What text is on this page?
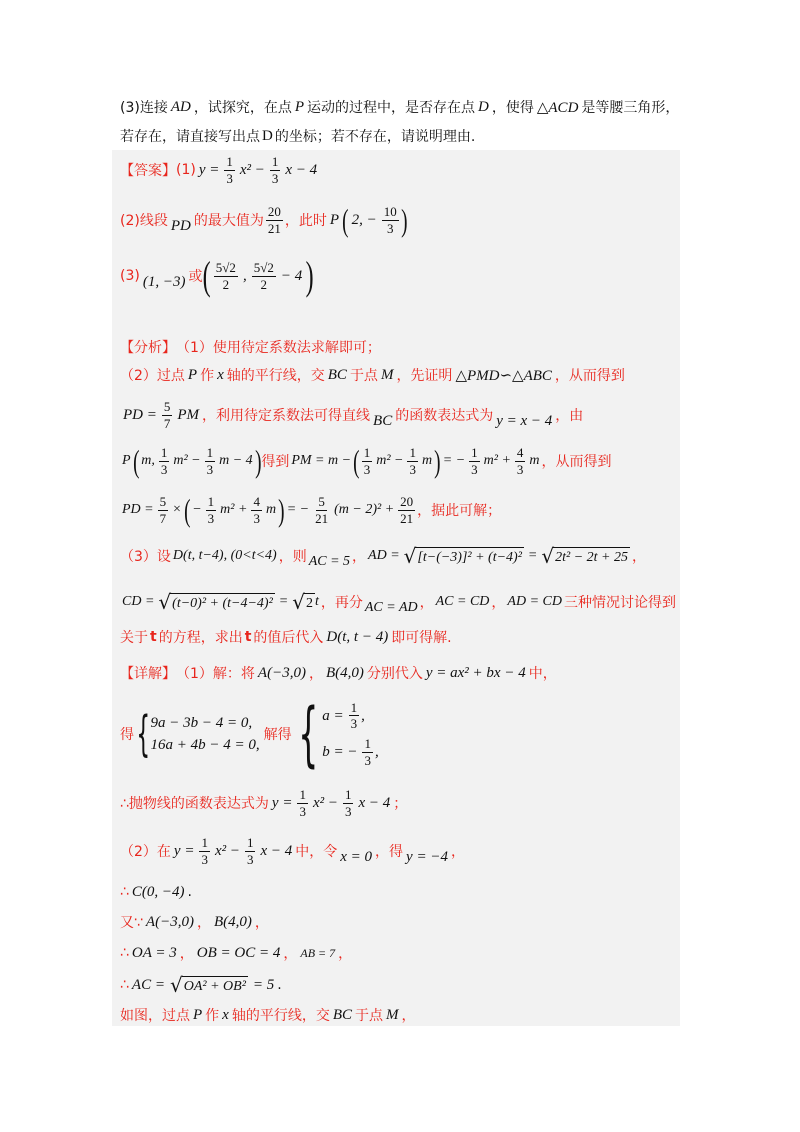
(3)连接 AD ，试探究，在点 P 运动的过程中，是否存在点 D ，使得 △ACD 是等腰三角形，
若存在，请直接写出点 D 的坐标；若不存在，请说明理由.
【答案】 (1) $y = \frac{1}{3} x^2 - \frac{1}{3}$ x − 4
(2)线段 PD 的最大值为 $\frac{20}{21}$ ，此时 P ( 2, − $\frac{10}{3}$ )
(3) (1, −3) 或 ( $\frac{5√2}{2}$ , $\frac{5√2}{2} - 4$ )
【分析】 （1）使用待定系数法求解即可；
（2）过点 P 作 x 轴的平行线，交 BC 于点 M ，先证明 △PMD∽△ABC ，从而得到
PD = $\frac{5}{7}$ PM ，利用待定系数法可得直线 BC 的函数表达式为 y = x − 4 ，由
P ( m, $\frac{1}{3} m^2 - \frac{1}{3}$ m − 4 ) 得到 PM = m − ( $\frac{1}{3} m^2 - \frac{1}{3}$ m ) = − $\frac{1}{3} m^2 + \frac{4}{3}$ m ，从而得到
PD = $\frac{5}{7}$ × ( − $\frac{1}{3} m^2 + \frac{4}{3}$ m ) = − $\frac{5}{21} (m - 2)^2 + \frac{20}{21}$ ，据此可解；
（3）设 D(t, t−4), (0<t<4) ，则 AC = 5 ， AD = √ [t−(−3)]² + (t−4)² = √ 2t² − 2t + 25 ，
CD = √ (t−0)² + (t−4−4)² = √ 2 t ，再分 AC = AD ， AC = CD ， AD = CD 三种情况讨论得到
关于 t 的方程，求出 t 的值后代入 D(t, t − 4) 即可得解.
【详解】 （1）解：将 A(−3,0) ， B(4,0) 分别代入 y = ax² + bx − 4 中，
得 { 9a − 3b − 4 = 0,
16a + 4b − 4 = 0,
解得 { $a = \frac{1}{3}$ ,
b = − $\frac{1}{3}$ ,
∴抛物线的函数表达式为 $y = \frac{1}{3} x^2 - \frac{1}{3}$ x − 4 ；
（2）在 $y = \frac{1}{3} x^2 - \frac{1}{3}$ x − 4 中，令 x = 0 ，得 y = −4 ，
∴ C(0, −4) .
又∵ A(−3,0) ， B(4,0) ，
∴ OA = 3 ， OB = OC = 4 ， AB = 7 ，
∴ AC = √ OA² + OB² = 5 .
如图，过点 P 作 x 轴的平行线，交 BC 于点 M ，
